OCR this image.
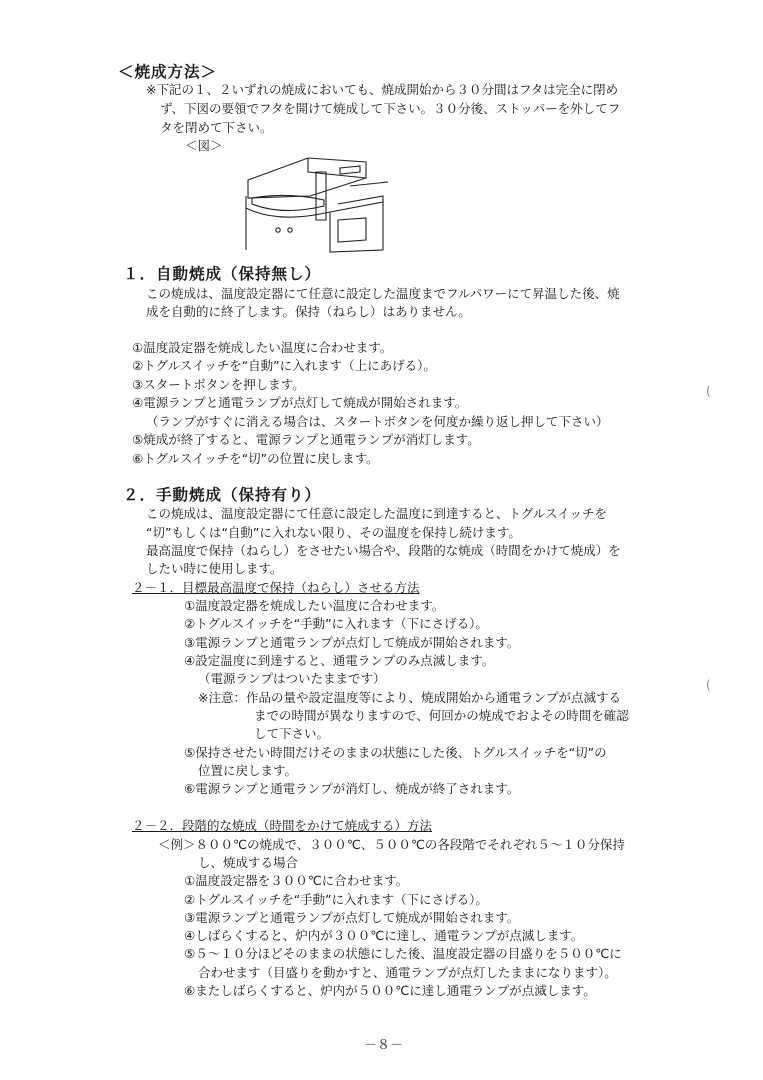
＜焼成方法＞
※下記の１、２いずれの焼成においても、焼成開始から３０分間はフタは完全に閉め
ず、下図の要領でフタを開けて焼成して下さい。３０分後、ストッパーを外してフ
タを閉めて下さい。
＜図＞
１．自動焼成（保持無し）
この焼成は、温度設定器にて任意に設定した温度までフルパワーにて昇温した後、焼
成を自動的に終了します。保持（ねらし）はありません。
①温度設定器を焼成したい温度に合わせます。
②トグルスイッチを“自動”に入れます（上にあげる）。
③スタートボタンを押します。
④電源ランプと通電ランプが点灯して焼成が開始されます。
（ランプがすぐに消える場合は、スタートボタンを何度か繰り返し押して下さい）
⑤焼成が終了すると、電源ランプと通電ランプが消灯します。
⑥トグルスイッチを“切”の位置に戻します。
２．手動焼成（保持有り）
この焼成は、温度設定器にて任意に設定した温度に到達すると、トグルスイッチを
“切”もしくは“自動”に入れない限り、その温度を保持し続けます。
最高温度で保持（ねらし）をさせたい場合や、段階的な焼成（時間をかけて焼成）を
したい時に使用します。
２－１．目標最高温度で保持（ねらし）させる方法
①温度設定器を焼成したい温度に合わせます。
②トグルスイッチを“手動”に入れます（下にさげる）。
③電源ランプと通電ランプが点灯して焼成が開始されます。
④設定温度に到達すると、通電ランプのみ点滅します。
（電源ランプはついたままです）
※注意：作品の量や設定温度等により、焼成開始から通電ランプが点滅する
までの時間が異なりますので、何回かの焼成でおよその時間を確認
して下さい。
⑤保持させたい時間だけそのままの状態にした後、トグルスイッチを“切”の
位置に戻します。
⑥電源ランプと通電ランプが消灯し、焼成が終了されます。
２－２．段階的な焼成（時間をかけて焼成する）方法
＜例＞８００℃の焼成で、３００℃、５００℃の各段階でそれぞれ５～１０分保持
し、焼成する場合
①温度設定器を３００℃に合わせます。
②トグルスイッチを“手動”に入れます（下にさげる）。
③電源ランプと通電ランプが点灯して焼成が開始されます。
④しばらくすると、炉内が３００℃に達し、通電ランプが点滅します。
⑤５～１０分ほどそのままの状態にした後、温度設定器の目盛りを５００℃に
合わせます（目盛りを動かすと、通電ランプが点灯したままになります）。
⑥またしばらくすると、炉内が５００℃に達し通電ランプが点滅します。
(
(
－８－
